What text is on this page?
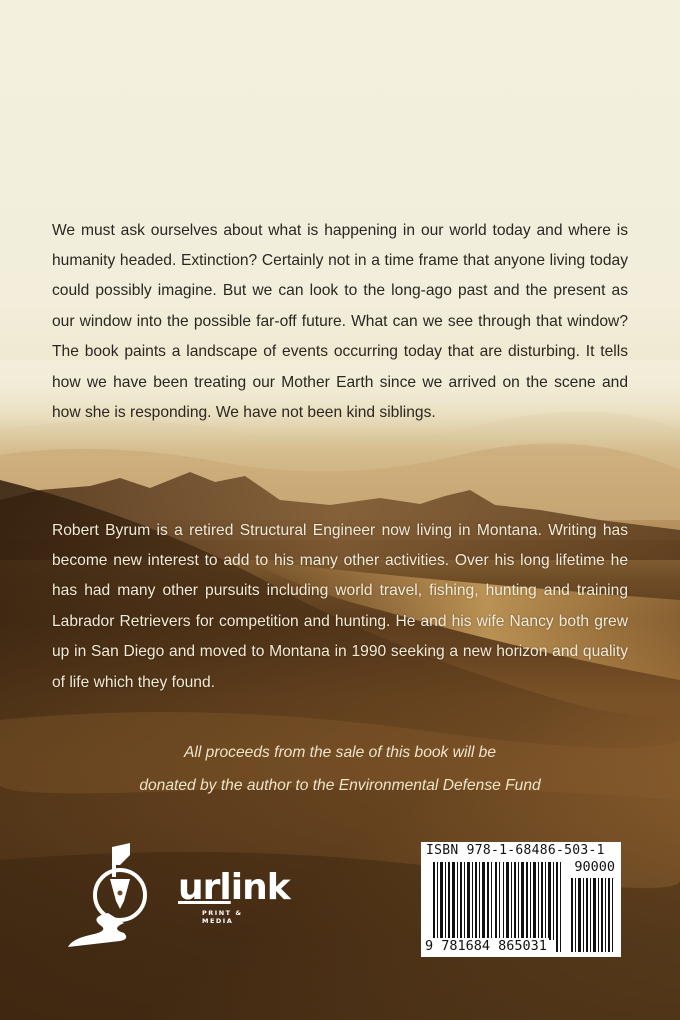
We must ask ourselves about what is happening in our world today and where is humanity headed. Extinction? Certainly not in a time frame that anyone living today could possibly imagine. But we can look to the long-ago past and the present as our window into the possible far-off future. What can we see through that window? The book paints a landscape of events occurring today that are disturbing. It tells how we have been treating our Mother Earth since we arrived on the scene and how she is responding. We have not been kind siblings.

Robert Byrum is a retired Structural Engineer now living in Montana. Writing has become new interest to add to his many other activities. Over his long lifetime he has had many other pursuits including world travel, fishing, hunting and training Labrador Retrievers for competition and hunting. He and his wife Nancy both grew up in San Diego and moved to Montana in 1990 seeking a new horizon and quality of life which they found.

All proceeds from the sale of this book will be
donated by the author to the Environmental Defense Fund
urlink
PRINT & MEDIA
ISBN 978-1-68486-503-1
90000
9 781684 865031
